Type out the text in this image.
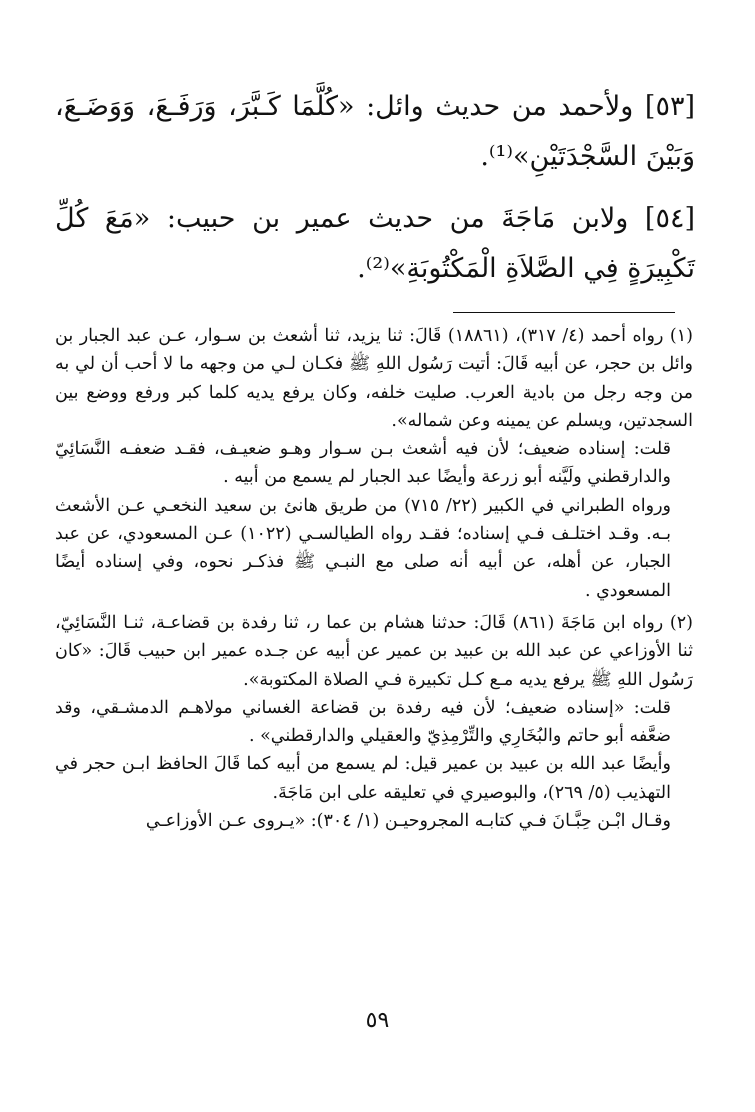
[٥٣] ولأحمد من حديث وائل: «كُلَّمَا كَـبَّرَ، وَرَفَـعَ، وَوَضَـعَ، وَبَيْنَ السَّجْدَتَيْنِ»⁽¹⁾.

[٥٤] ولابن مَاجَةَ من حديث عمير بن حبيب: «مَعَ كُلِّ تَكْبِيرَةٍ فِي الصَّلاَةِ الْمَكْتُوبَةِ»⁽²⁾.

(١) رواه أحمد (٤/ ٣١٧)، (١٨٨٦١) قَالَ: ثنا يزيد، ثنا أشعث بن سـوار، عـن عبد الجبار بن وائل بن حجر، عن أبيه قَالَ: أتيت رَسُول اللهِ ﷺ فكـان لـي من وجهه ما لا أحب أن لي به من وجه رجل من بادية العرب. صليت خلفه، وكان يرفع يديه كلما كبر ورفع ووضع بين السجدتين، ويسلم عن يمينه وعن شماله».

قلت: إسناده ضعيف؛ لأن فيه أشعث بـن سـوار وهـو ضعيـف، فقـد ضعفـه النَّسَائِيّ والدارقطني ولَيَّنه أبو زرعة وأيضًا عبد الجبار لم يسمع من أبيه .

ورواه الطبراني في الكبير (٢٢/ ٧١٥) من طريق هانئ بن سعيد النخعـي عـن الأشعث بـه. وقـد اختلـف فـي إسناده؛ فقـد رواه الطيالسـي (١٠٢٢) عـن المسعودي، عن عبد الجبار، عن أهله، عن أبيه أنه صلى مع النبـي ﷺ فذكـر نحوه، وفي إسناده أيضًا المسعودي .

(٢) رواه ابن مَاجَةَ (٨٦١) قَالَ: حدثنا هشام بن عما ر، ثنا رفدة بن قضاعـة، ثنـا النَّسَائِيّ، ثنا الأوزاعي عن عبد الله بن عبيد بن عمير عن أبيه عن جـده عمير ابن حبيب قَالَ: «كان رَسُول اللهِ ﷺ يرفع يديه مـع كـل تكبيرة فـي الصلاة المكتوبة».

قلت: «إسناده ضعيف؛ لأن فيه رفدة بن قضاعة الغساني مولاهـم الدمشـقي، وقد ضعَّفه أبو حاتم والبُخَارِي والتِّرْمِذِيّ والعقيلي والدارقطني» .

وأيضًا عبد الله بن عبيد بن عمير قيل: لم يسمع من أبيه كما قَالَ الحافظ ابـن حجر في التهذيب (٥/ ٢٦٩)، والبوصيري في تعليقه على ابن مَاجَةَ.

وقـال ابْـن حِبَّـانَ فـي كتابـه المجروحيـن (١/ ٣٠٤): «يـروى عـن الأوزاعـي

٥٩
